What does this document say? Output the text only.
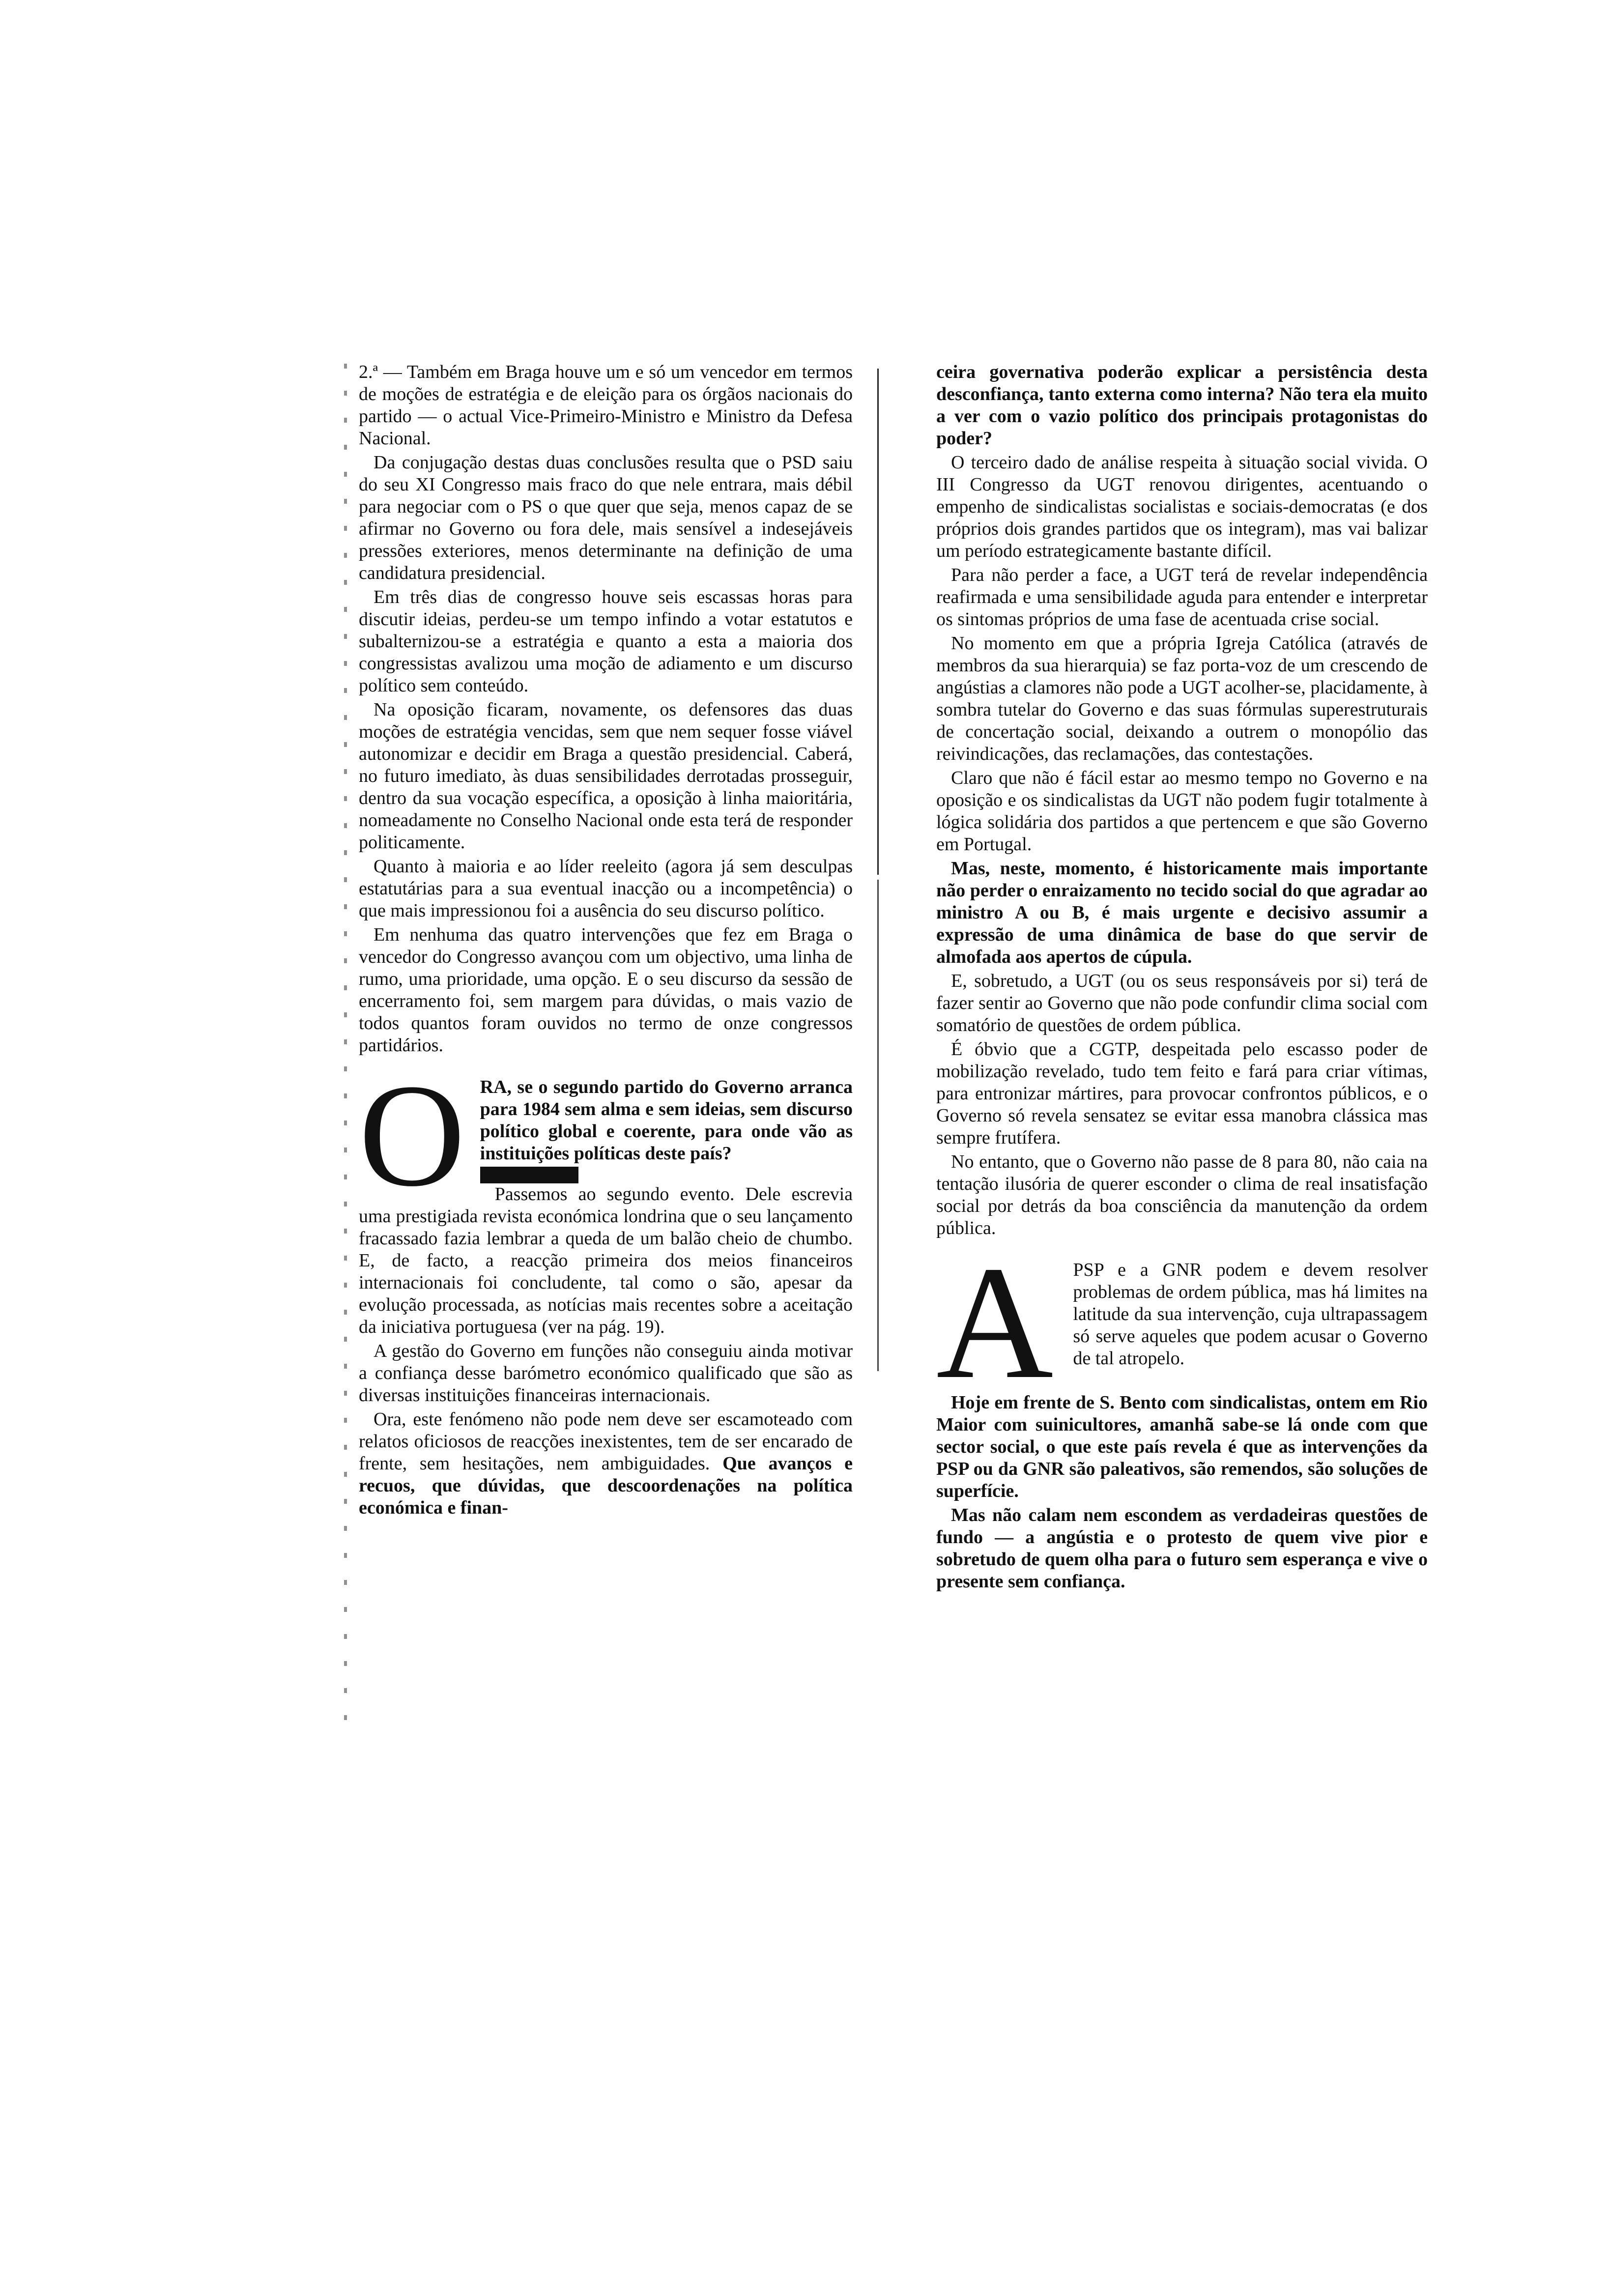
2.ª — Também em Braga houve um e só um vencedor em termos de moções de estratégia e de eleição para os órgãos nacionais do partido — o actual Vice-Primeiro-Ministro e Ministro da Defesa Nacional.

Da conjugação destas duas conclusões resulta que o PSD saiu do seu XI Congresso mais fraco do que nele entrara, mais débil para negociar com o PS o que quer que seja, menos capaz de se afirmar no Governo ou fora dele, mais sensível a indesejáveis pressões exteriores, menos determinante na definição de uma candidatura presidencial.

Em três dias de congresso houve seis escassas horas para discutir ideias, perdeu-se um tempo infindo a votar estatutos e subalternizou-se a estratégia e quanto a esta a maioria dos congressistas avalizou uma moção de adiamento e um discurso político sem conteúdo.

Na oposição ficaram, novamente, os defensores das duas moções de estratégia vencidas, sem que nem sequer fosse viável autonomizar e decidir em Braga a questão presidencial. Caberá, no futuro imediato, às duas sensibilidades derrotadas prosseguir, dentro da sua vocação específica, a oposição à linha maioritária, nomeadamente no Conselho Nacional onde esta terá de responder politicamente.

Quanto à maioria e ao líder reeleito (agora já sem desculpas estatutárias para a sua eventual inacção ou a incompetência) o que mais impressionou foi a ausência do seu discurso político.

Em nenhuma das quatro intervenções que fez em Braga o vencedor do Congresso avançou com um objectivo, uma linha de rumo, uma prioridade, uma opção. E o seu discurso da sessão de encerramento foi, sem margem para dúvidas, o mais vazio de todos quantos foram ouvidos no termo de onze congressos partidários.

O RA, se o segundo partido do Governo arranca para 1984 sem alma e sem ideias, sem discurso político global e coerente, para onde vão as instituições políticas deste país?

Passemos ao segundo evento. Dele escrevia uma prestigiada revista económica londrina que o seu lançamento fracassado fazia lembrar a queda de um balão cheio de chumbo. E, de facto, a reacção primeira dos meios financeiros internacionais foi concludente, tal como o são, apesar da evolução processada, as notícias mais recentes sobre a aceitação da iniciativa portuguesa (ver na pág. 19).

A gestão do Governo em funções não conseguiu ainda motivar a confiança desse barómetro económico qualificado que são as diversas instituições financeiras internacionais.

Ora, este fenómeno não pode nem deve ser escamoteado com relatos oficiosos de reacções inexistentes, tem de ser encarado de frente, sem hesitações, nem ambiguidades. Que avanços e recuos, que dúvidas, que descoordenações na política económica e finan-

ceira governativa poderão explicar a persistência desta desconfiança, tanto externa como interna? Não tera ela muito a ver com o vazio político dos principais protagonistas do poder?

O terceiro dado de análise respeita à situação social vivida. O III Congresso da UGT renovou dirigentes, acentuando o empenho de sindicalistas socialistas e sociais-democratas (e dos próprios dois grandes partidos que os integram), mas vai balizar um período estrategicamente bastante difícil.

Para não perder a face, a UGT terá de revelar independência reafirmada e uma sensibilidade aguda para entender e interpretar os sintomas próprios de uma fase de acentuada crise social.

No momento em que a própria Igreja Católica (através de membros da sua hierarquia) se faz porta-voz de um crescendo de angústias a clamores não pode a UGT acolher-se, placidamente, à sombra tutelar do Governo e das suas fórmulas superestruturais de concertação social, deixando a outrem o monopólio das reivindicações, das reclamações, das contestações.

Claro que não é fácil estar ao mesmo tempo no Governo e na oposição e os sindicalistas da UGT não podem fugir totalmente à lógica solidária dos partidos a que pertencem e que são Governo em Portugal.

Mas, neste, momento, é historicamente mais importante não perder o enraizamento no tecido social do que agradar ao ministro A ou B, é mais urgente e decisivo assumir a expressão de uma dinâmica de base do que servir de almofada aos apertos de cúpula.

E, sobretudo, a UGT (ou os seus responsáveis por si) terá de fazer sentir ao Governo que não pode confundir clima social com somatório de questões de ordem pública.

É óbvio que a CGTP, despeitada pelo escasso poder de mobilização revelado, tudo tem feito e fará para criar vítimas, para entronizar mártires, para provocar confrontos públicos, e o Governo só revela sensatez se evitar essa manobra clássica mas sempre frutífera.

No entanto, que o Governo não passe de 8 para 80, não caia na tentação ilusória de querer esconder o clima de real insatisfação social por detrás da boa consciência da manutenção da ordem pública.

A	PSP e a GNR podem e devem resolver problemas de ordem pública, mas há limites na latitude da sua intervenção, cuja ultrapassagem só serve aqueles que podem acusar o Governo de tal atropelo.

Hoje em frente de S. Bento com sindicalistas, ontem em Rio Maior com suinicultores, amanhã sabe-se lá onde com que sector social, o que este país revela é que as intervenções da PSP ou da GNR são paleativos, são remendos, são soluções de superfície.

Mas não calam nem escondem as verdadeiras questões de fundo — a angústia e o protesto de quem vive pior e sobretudo de quem olha para o futuro sem esperança e vive o presente sem confiança.
